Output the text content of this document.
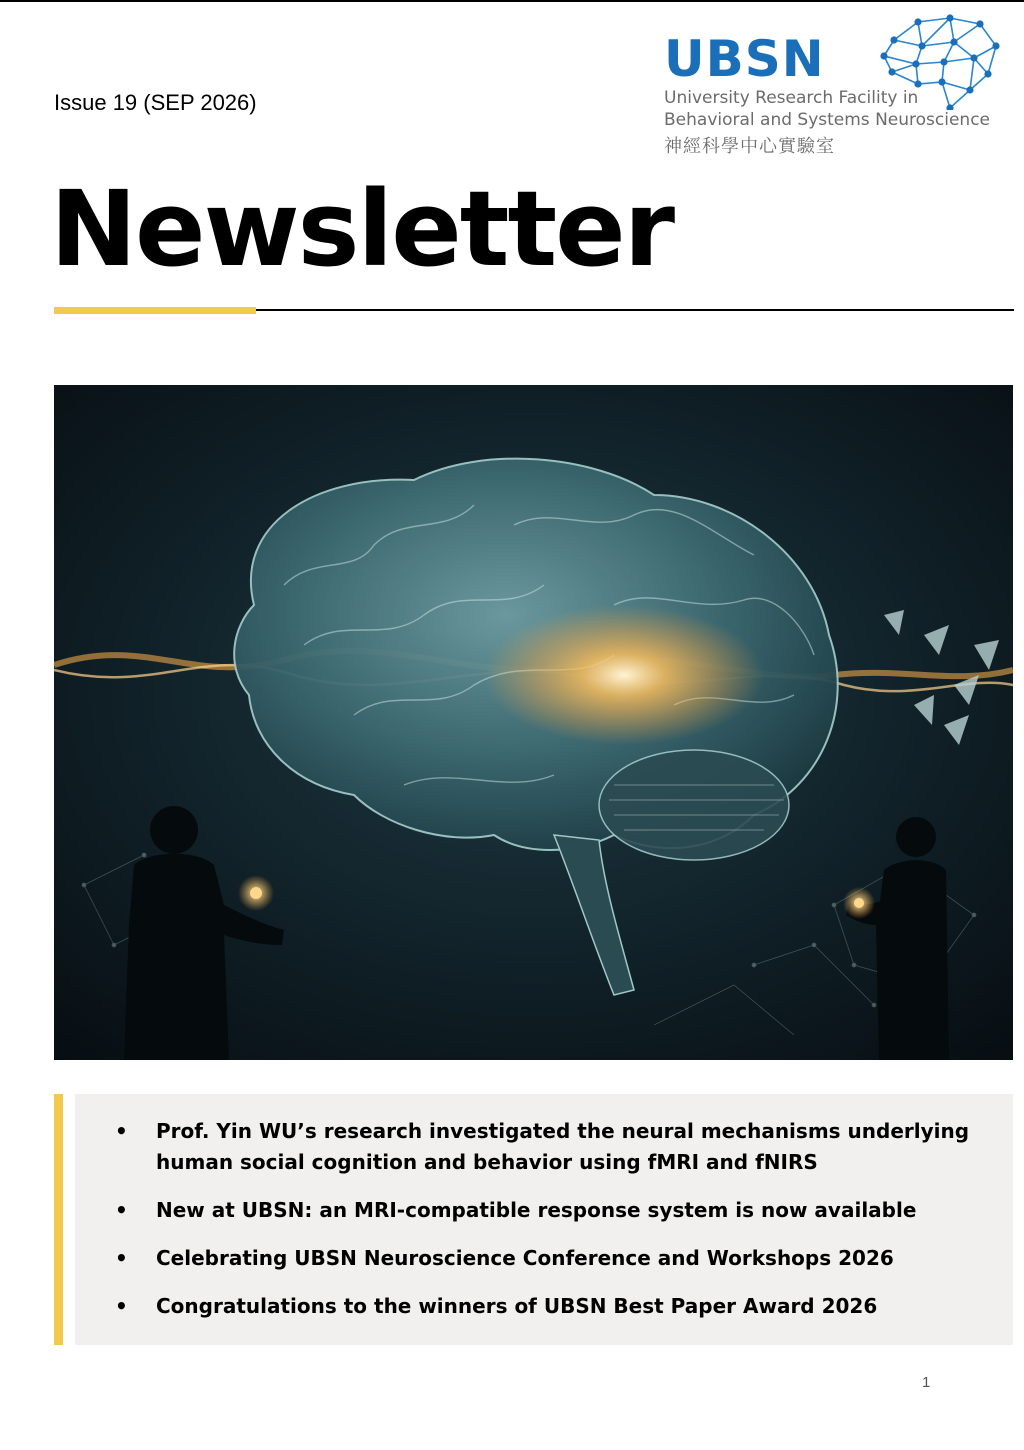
Issue 19 (SEP 2026)
UBSN
University Research Facility in
Behavioral and Systems Neuroscience
神經科學中心實驗室
Newsletter
• Prof. Yin WU’s research investigated the neural mechanisms underlying human social cognition and behavior using fMRI and fNIRS
• New at UBSN: an MRI-compatible response system is now available
• Celebrating UBSN Neuroscience Conference and Workshops 2026
• Congratulations to the winners of UBSN Best Paper Award 2026
1
